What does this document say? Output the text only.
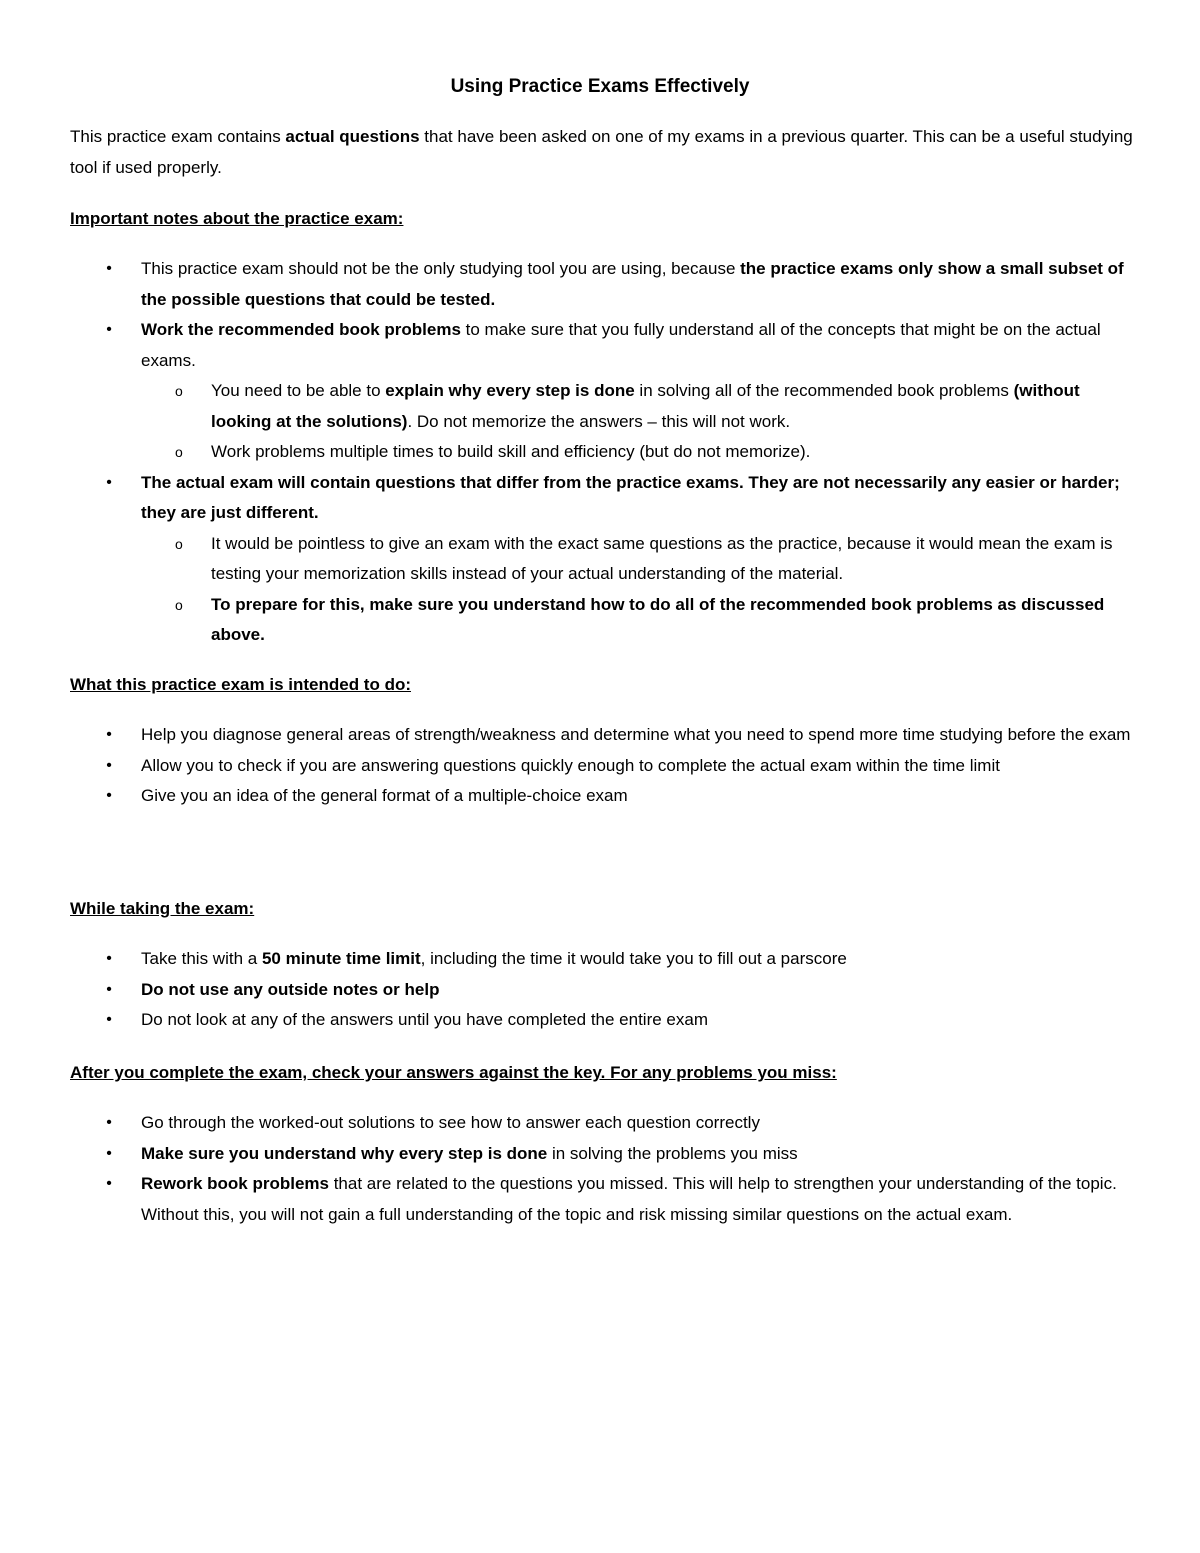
Using Practice Exams Effectively
This practice exam contains actual questions that have been asked on one of my exams in a previous quarter. This can be a useful studying tool if used properly.
Important notes about the practice exam:
• This practice exam should not be the only studying tool you are using, because the practice exams only show a small subset of the possible questions that could be tested.
• Work the recommended book problems to make sure that you fully understand all of the concepts that might be on the actual exams.
o You need to be able to explain why every step is done in solving all of the recommended book problems (without looking at the solutions). Do not memorize the answers – this will not work.
o Work problems multiple times to build skill and efficiency (but do not memorize).
• The actual exam will contain questions that differ from the practice exams. They are not necessarily any easier or harder; they are just different.
o It would be pointless to give an exam with the exact same questions as the practice, because it would mean the exam is testing your memorization skills instead of your actual understanding of the material.
o To prepare for this, make sure you understand how to do all of the recommended book problems as discussed above.
What this practice exam is intended to do:
• Help you diagnose general areas of strength/weakness and determine what you need to spend more time studying before the exam
• Allow you to check if you are answering questions quickly enough to complete the actual exam within the time limit
• Give you an idea of the general format of a multiple-choice exam
While taking the exam:
• Take this with a 50 minute time limit, including the time it would take you to fill out a parscore
• Do not use any outside notes or help
• Do not look at any of the answers until you have completed the entire exam
After you complete the exam, check your answers against the key. For any problems you miss:
• Go through the worked-out solutions to see how to answer each question correctly
• Make sure you understand why every step is done in solving the problems you miss
• Rework book problems that are related to the questions you missed. This will help to strengthen your understanding of the topic. Without this, you will not gain a full understanding of the topic and risk missing similar questions on the actual exam.
